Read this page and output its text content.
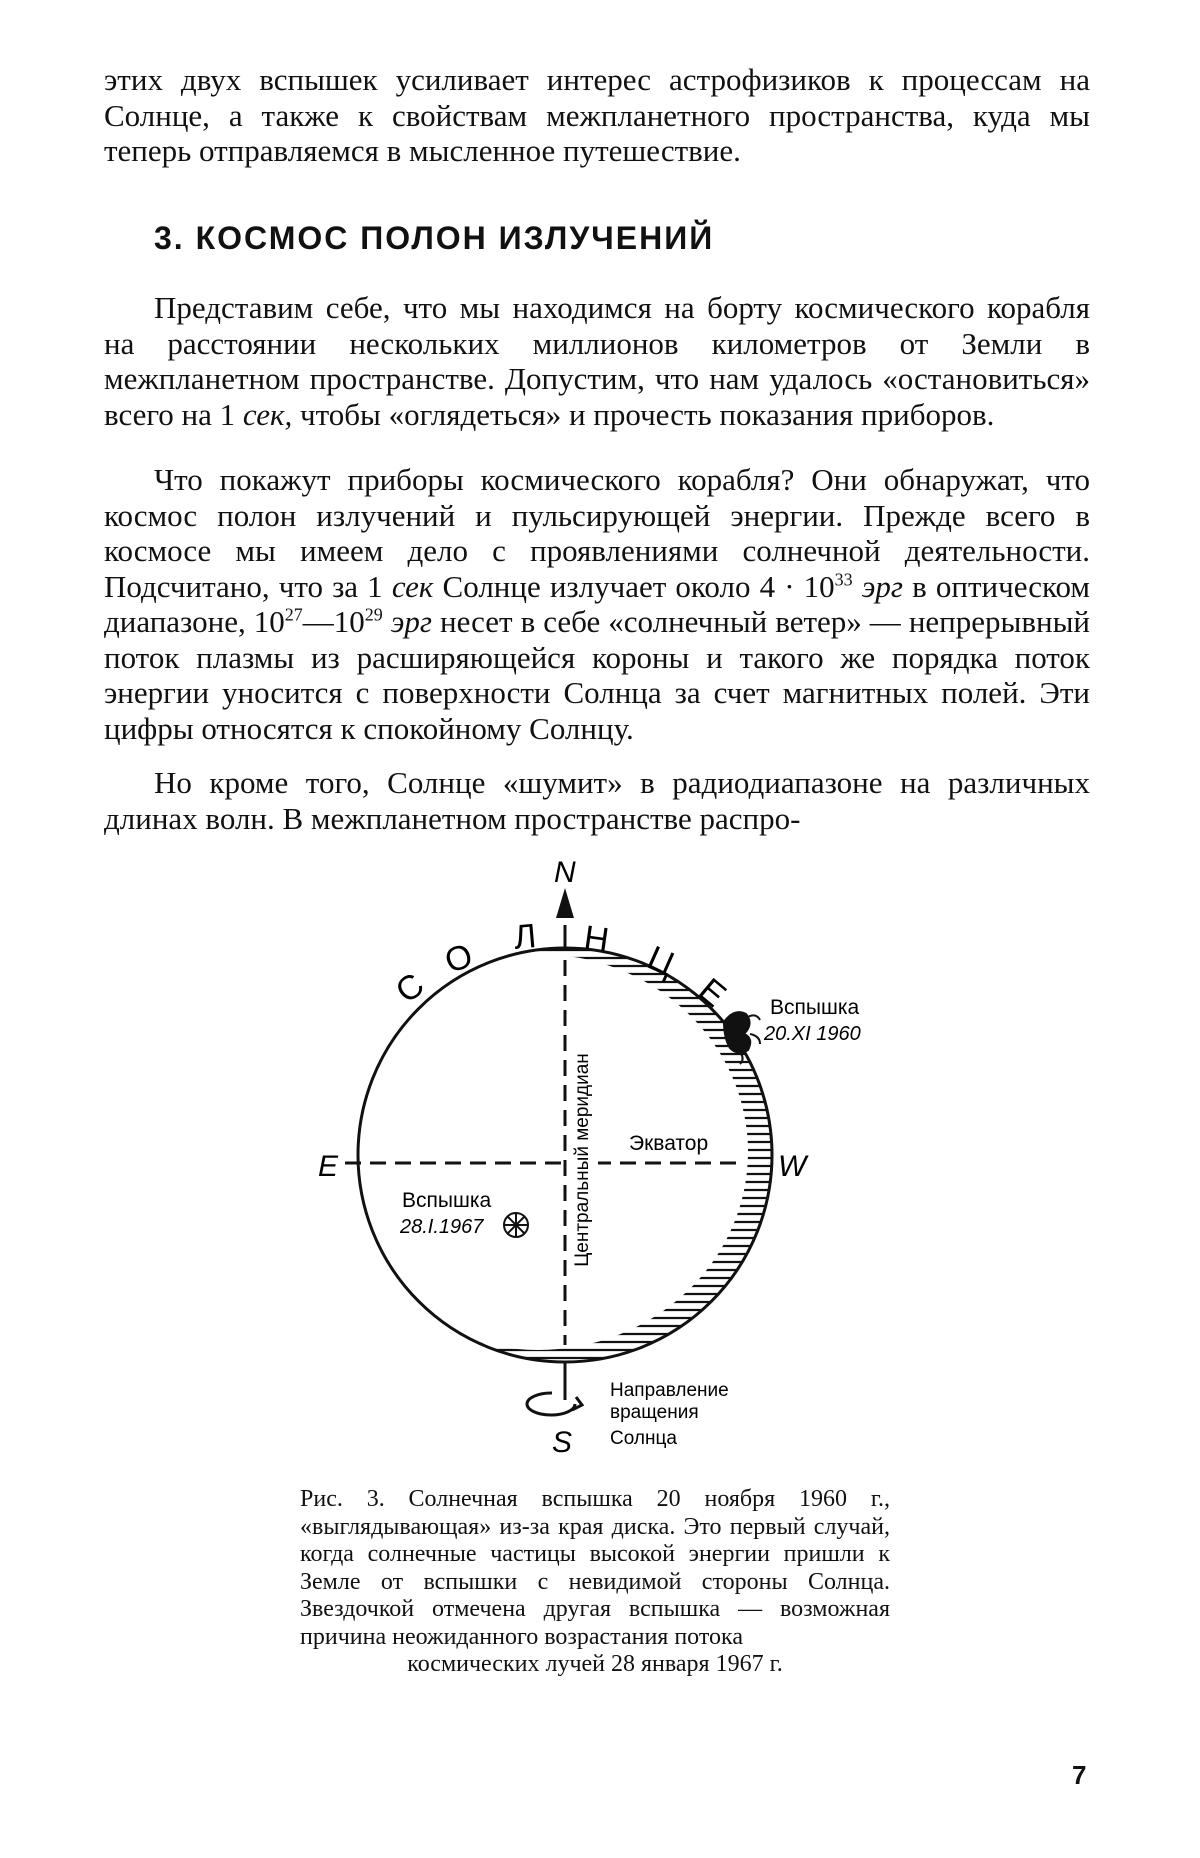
этих двух вспышек усиливает интерес астрофизиков к процессам на Солнце, а также к свойствам межпланетного пространства, куда мы теперь отправляемся в мысленное путешествие.

3. КОСМОС ПОЛОН ИЗЛУЧЕНИЙ

Представим себе, что мы находимся на борту космического корабля на расстоянии нескольких миллионов километров от Земли в межпланетном пространстве. Допустим, что нам удалось «остановиться» всего на 1 сек, чтобы «оглядеться» и прочесть показания приборов.

Что покажут приборы космического корабля? Они обнаружат, что космос полон излучений и пульсирующей энергии. Прежде всего в космосе мы имеем дело с проявлениями солнечной деятельности. Подсчитано, что за 1 сек Солнце излучает около $4 \cdot 10^{33}$ эрг в оптическом диапазоне, $10^{27}—10^{29}$ эрг несет в себе «солнечный ветер» — непрерывный поток плазмы из расширяющейся короны и такого же порядка поток энергии уносится с поверхности Солнца за счет магнитных полей. Эти цифры относятся к спокойному Солнцу.

Но кроме того, Солнце «шумит» в радиодиапазоне на различных длинах волн. В межпланетном пространстве распро-

Экватор
Центральный меридиан
С
О Л Н Ц
Е
N
S
E	W
Вспышка
20.XI 1960
Вспышка
28.I.1967
Направление
вращения
Солнца

Рис. 3. Солнечная вспышка 20 ноября 1960 г., «выглядывающая» из-за края диска. Это первый случай, когда солнечные частицы высокой энергии пришли к Земле от вспышки с невидимой стороны Солнца. Звездочкой отмечена другая вспышка — возможная причина неожиданного возрастания потока
космических лучей 28 января 1967 г.

7
